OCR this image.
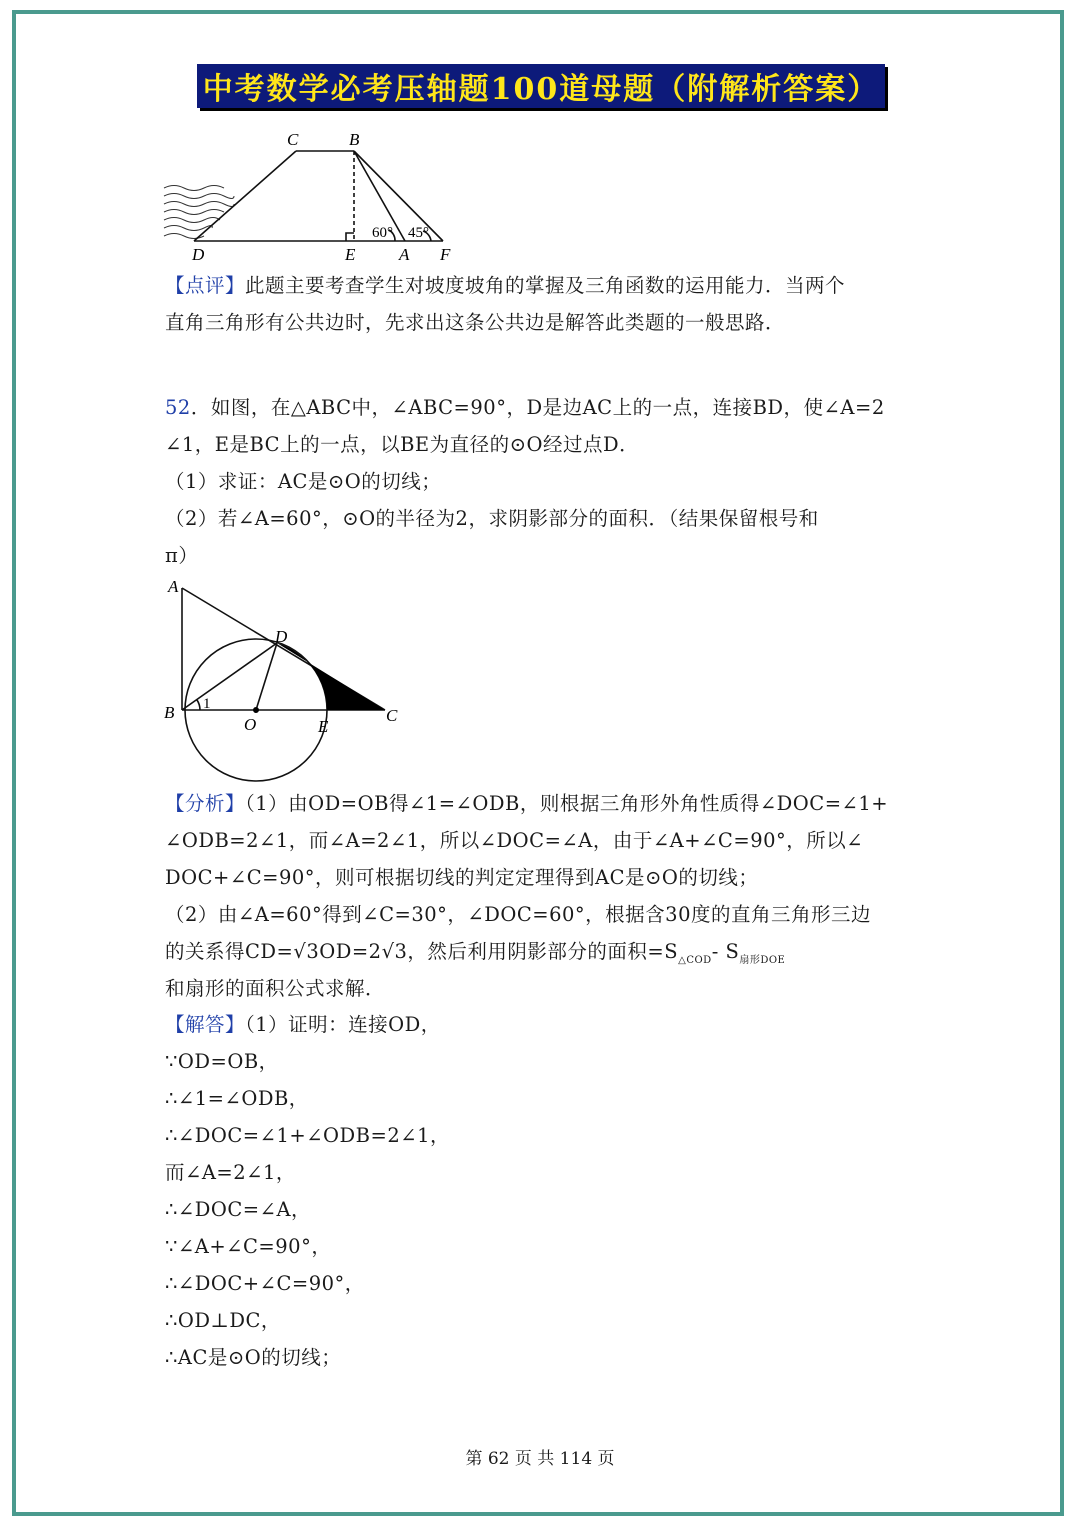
中考数学必考压轴题100道母题（附解析答案）
C	B
D	E	A F
60° 45°
【点评】此题主要考查学生对坡度坡角的掌握及三角函数的运用能力．当两个
直角三角形有公共边时，先求出这条公共边是解答此类题的一般思路．
52．如图，在△ABC中，∠ABC=90°，D是边AC上的一点，连接BD，使∠A=2
∠1，E是BC上的一点，以BE为直径的⊙O经过点D．
（1）求证：AC是⊙O的切线；
（2）若∠A=60°，⊙O的半径为2，求阴影部分的面积．（结果保留根号和
π）
A
D
B 1
O	E
C
【分析】（1）由OD=OB得∠1=∠ODB，则根据三角形外角性质得∠DOC=∠1+
∠ODB=2∠1，而∠A=2∠1，所以∠DOC=∠A，由于∠A+∠C=90°，所以∠
DOC+∠C=90°，则可根据切线的判定定理得到AC是⊙O的切线；
（2）由∠A=60°得到∠C=30°，∠DOC=60°，根据含30度的直角三角形三边
的关系得CD=√3OD=2√3，然后利用阴影部分的面积$=S_{\triangle COD}-$ $S_{扇形DOE}$
和扇形的面积公式求解．
【解答】（1）证明：连接OD，
∵OD=OB，
∴∠1=∠ODB，
∴∠DOC=∠1+∠ODB=2∠1，
而∠A=2∠1，
∴∠DOC=∠A，
∵∠A+∠C=90°，
∴∠DOC+∠C=90°，
∴OD⊥DC，
∴AC是⊙O的切线；
第 62 页 共 114 页
